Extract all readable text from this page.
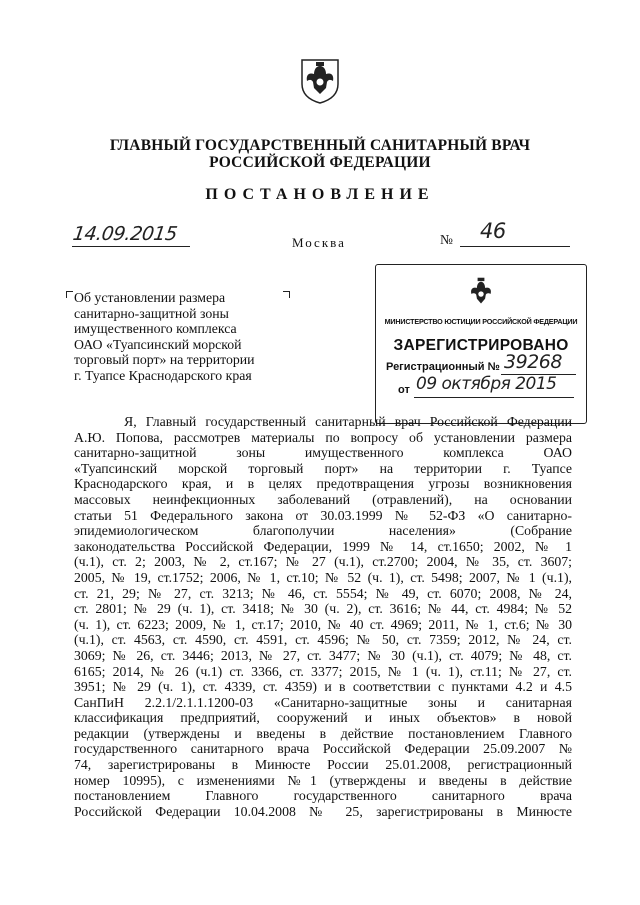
ГЛАВНЫЙ ГОСУДАРСТВЕННЫЙ САНИТАРНЫЙ ВРАЧ
РОССИЙСКОЙ ФЕДЕРАЦИИ
ПОСТАНОВЛЕНИЕ
14.09.2015	Москва	№ 46
Об установлении размера
санитарно-защитной зоны
имущественного комплекса
ОАО «Туапсинский морской
торговый порт» на территории
г. Туапсе Краснодарского края
МИНИСТЕРСТВО ЮСТИЦИИ РОССИЙСКОЙ ФЕДЕРАЦИИ
ЗАРЕГИСТРИРОВАНО
Регистрационный № 39268
от 09 октября 2015
Я, Главный государственный санитарный врач Российской Федерации
А.Ю. Попова, рассмотрев материалы по вопросу об установлении размера
санитарно-защитной зоны имущественного комплекса ОАО
«Туапсинский морской торговый порт» на территории г. Туапсе
Краснодарского края, и в целях предотвращения угрозы возникновения
массовых неинфекционных заболеваний (отравлений), на основании
статьи 51 Федерального закона от 30.03.1999 № 52-ФЗ «О санитарно-
эпидемиологическом благополучии населения» (Собрание
законодательства Российской Федерации, 1999 № 14, ст.1650; 2002, № 1
(ч.1), ст. 2; 2003, № 2, ст.167; № 27 (ч.1), ст.2700; 2004, № 35, ст. 3607;
2005, № 19, ст.1752; 2006, № 1, ст.10; № 52 (ч. 1), ст. 5498; 2007, № 1 (ч.1),
ст. 21, 29; № 27, ст. 3213; № 46, ст. 5554; № 49, ст. 6070; 2008, № 24,
ст. 2801; № 29 (ч. 1), ст. 3418; № 30 (ч. 2), ст. 3616; № 44, ст. 4984; № 52
(ч. 1), ст. 6223; 2009, № 1, ст.17; 2010, № 40 ст. 4969; 2011, № 1, ст.6; № 30
(ч.1), ст. 4563, ст. 4590, ст. 4591, ст. 4596; № 50, ст. 7359; 2012, № 24, ст.
3069; № 26, ст. 3446; 2013, № 27, ст. 3477; № 30 (ч.1), ст. 4079; № 48, ст.
6165; 2014, № 26 (ч.1) ст. 3366, ст. 3377; 2015, № 1 (ч. 1), ст.11; № 27, ст.
3951; № 29 (ч. 1), ст. 4339, ст. 4359) и в соответствии с пунктами 4.2 и 4.5
СанПиН 2.2.1/2.1.1.1200-03 «Санитарно-защитные зоны и санитарная
классификация предприятий, сооружений и иных объектов» в новой
редакции (утверждены и введены в действие постановлением Главного
государственного санитарного врача Российской Федерации 25.09.2007 №
74, зарегистрированы в Минюсте России 25.01.2008, регистрационный
номер 10995), с изменениями №1 (утверждены и введены в действие
постановлением Главного государственного санитарного врача
Российской Федерации 10.04.2008 № 25, зарегистрированы в Минюсте
